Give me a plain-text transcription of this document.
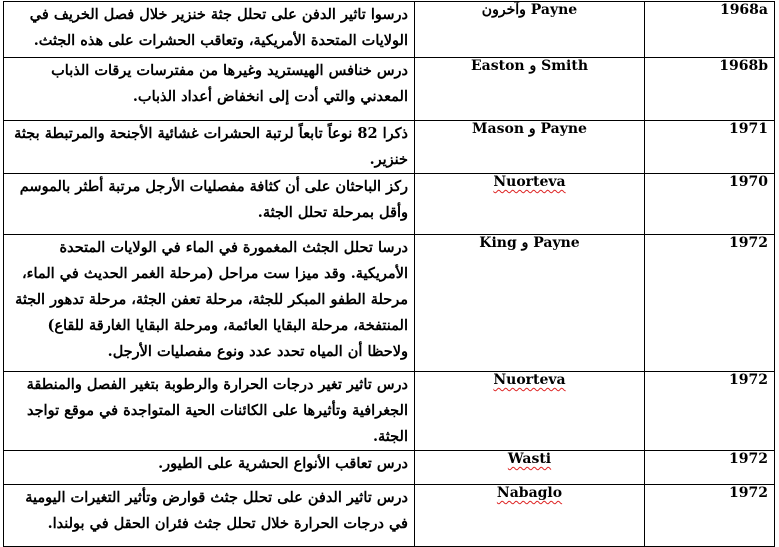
1968a	Payne وآخرون	درسوا تاثير الدفن على تحلل جثة خنزير خلال فصل الخريف في الولايات المتحدة الأمريكية، وتعاقب الحشرات على هذه الجثث.
1968b	Smith و Easton	درس خنافس الهيستريد وغيرها من مفترسات يرقات الذباب المعدني والتي أدت إلى انخفاض أعداد الذباب.
1971	Payne و Mason	ذكرا 82 نوعاً تابعاً لرتبة الحشرات غشائية الأجنحة والمرتبطة بجثة خنزير.
1970	Nuorteva	ركز الباحثان على أن كثافة مفصليات الأرجل مرتبة أطثر بالموسم وأقل بمرحلة تحلل الجثة.
1972	Payne و King	درسا تحلل الجثث المغمورة في الماء في الولايات المتحدة الأمريكية. وقد ميزا ست مراحل (مرحلة الغمر الحديث في الماء، مرحلة الطفو المبكر للجثة، مرحلة تعفن الجثة، مرحلة تدهور الجثة المنتفخة، مرحلة البقايا العائمة، ومرحلة البقايا الغارقة للقاع) ولاحظا أن المياه تحدد عدد ونوع مفصليات الأرجل.
1972	Nuorteva	درس تاثير تغير درجات الحرارة والرطوبة بتغير الفصل والمنطقة الجغرافية وتأثيرها على الكائنات الحية المتواجدة في موقع تواجد الجثة.
1972	Wasti	درس تعاقب الأنواع الحشرية على الطيور.
1972	Nabaglo	درس تاثير الدفن على تحلل جثث قوارض وتأثير التغيرات اليومية في درجات الحرارة خلال تحلل جثث فئران الحقل في بولندا.
